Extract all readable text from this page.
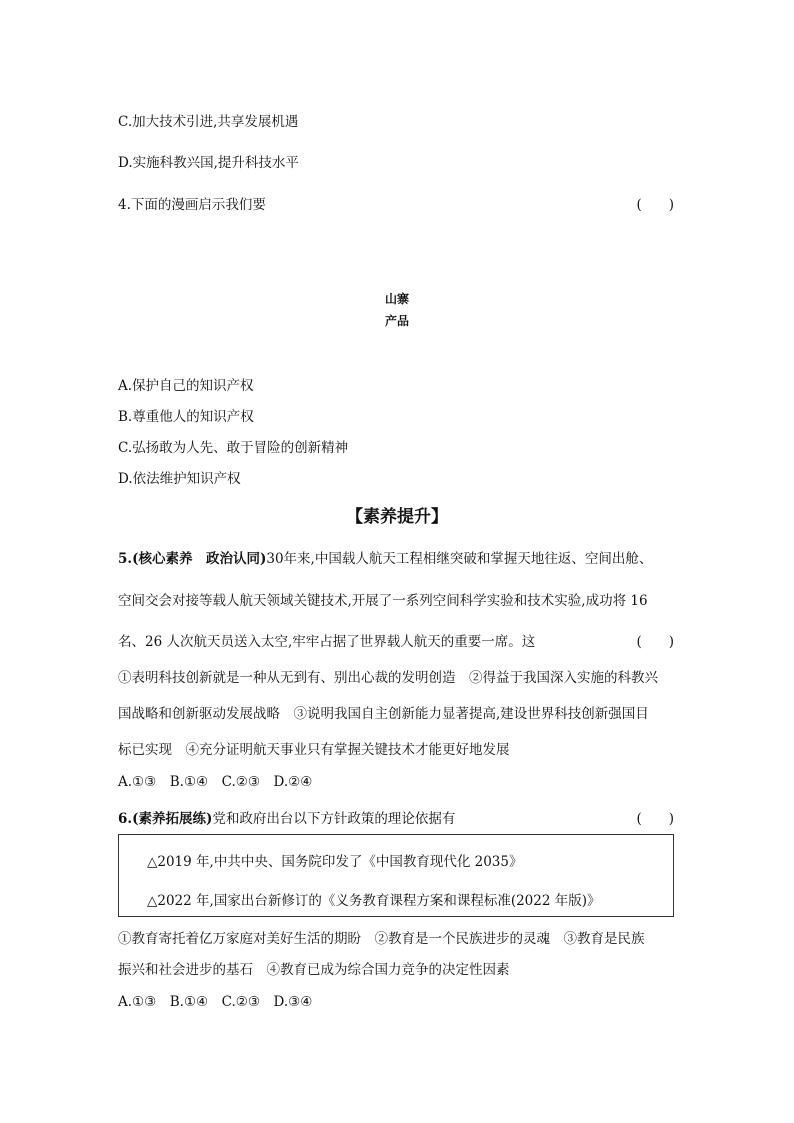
C.加大技术引进,共享发展机遇
D.实施科教兴国,提升科技水平
4.下面的漫画启示我们要	(　　)
山寨
产品
A.保护自己的知识产权
B.尊重他人的知识产权
C.弘扬敢为人先、敢于冒险的创新精神
D.依法维护知识产权
【素养提升】
5.(核心素养　政治认同)30年来,中国载人航天工程相继突破和掌握天地往返、空间出舱、
空间交会对接等载人航天领域关键技术,开展了一系列空间科学实验和技术实验,成功将 16
名、26 人次航天员送入太空,牢牢占据了世界载人航天的重要一席。这	(　　)
①表明科技创新就是一种从无到有、别出心裁的发明创造　②得益于我国深入实施的科教兴
国战略和创新驱动发展战略　③说明我国自主创新能力显著提高,建设世界科技创新强国目
标已实现　④充分证明航天事业只有掌握关键技术才能更好地发展
A.①③　B.①④　C.②③　D.②④
6.(素养拓展练)党和政府出台以下方针政策的理论依据有	(　　)
△2019 年,中共中央、国务院印发了《中国教育现代化 2035》
△2022 年,国家出台新修订的《义务教育课程方案和课程标准(2022 年版)》
①教育寄托着亿万家庭对美好生活的期盼　②教育是一个民族进步的灵魂　③教育是民族
振兴和社会进步的基石　④教育已成为综合国力竞争的决定性因素
A.①③　B.①④　C.②③　D.③④
